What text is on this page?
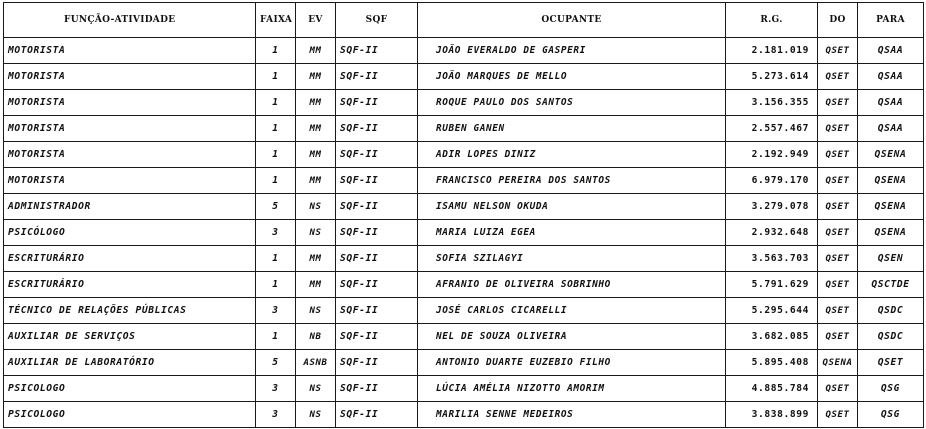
FUNÇÃO-ATIVIDADE	FAIXA	EV	SQF	OCUPANTE	R.G.	DO	PARA
MOTORISTA	1	MM	SQF-II	JOÃO EVERALDO DE GASPERI	2.181.019	QSET	QSAA
MOTORISTA	1	MM	SQF-II	JOÃO MARQUES DE MELLO	5.273.614	QSET	QSAA
MOTORISTA	1	MM	SQF-II	ROQUE PAULO DOS SANTOS	3.156.355	QSET	QSAA
MOTORISTA	1	MM	SQF-II	RUBEN GANEN	2.557.467	QSET	QSAA
MOTORISTA	1	MM	SQF-II	ADIR LOPES DINIZ	2.192.949	QSET	QSENA
MOTORISTA	1	MM	SQF-II	FRANCISCO PEREIRA DOS SANTOS	6.979.170	QSET	QSENA
ADMINISTRADOR	5	NS	SQF-II	ISAMU NELSON OKUDA	3.279.078	QSET	QSENA
PSICÓLOGO	3	NS	SQF-II	MARIA LUIZA EGEA	2.932.648	QSET	QSENA
ESCRITURÁRIO	1	MM	SQF-II	SOFIA SZILAGYI	3.563.703	QSET	QSEN
ESCRITURÁRIO	1	MM	SQF-II	AFRANIO DE OLIVEIRA SOBRINHO	5.791.629	QSET	QSCTDE
TÉCNICO DE RELAÇÕES PÚBLICAS	3	NS	SQF-II	JOSÉ CARLOS CICARELLI	5.295.644	QSET	QSDC
AUXILIAR DE SERVIÇOS	1	NB	SQF-II	NEL DE SOUZA OLIVEIRA	3.682.085	QSET	QSDC
AUXILIAR DE LABORATÓRIO	5	ASNB	SQF-II	ANTONIO DUARTE EUZEBIO FILHO	5.895.408	QSENA	QSET
PSICOLOGO	3	NS	SQF-II	LÚCIA AMÉLIA NIZOTTO AMORIM	4.885.784	QSET	QSG
PSICOLOGO	3	NS	SQF-II	MARILIA SENNE MEDEIROS	3.838.899	QSET	QSG
